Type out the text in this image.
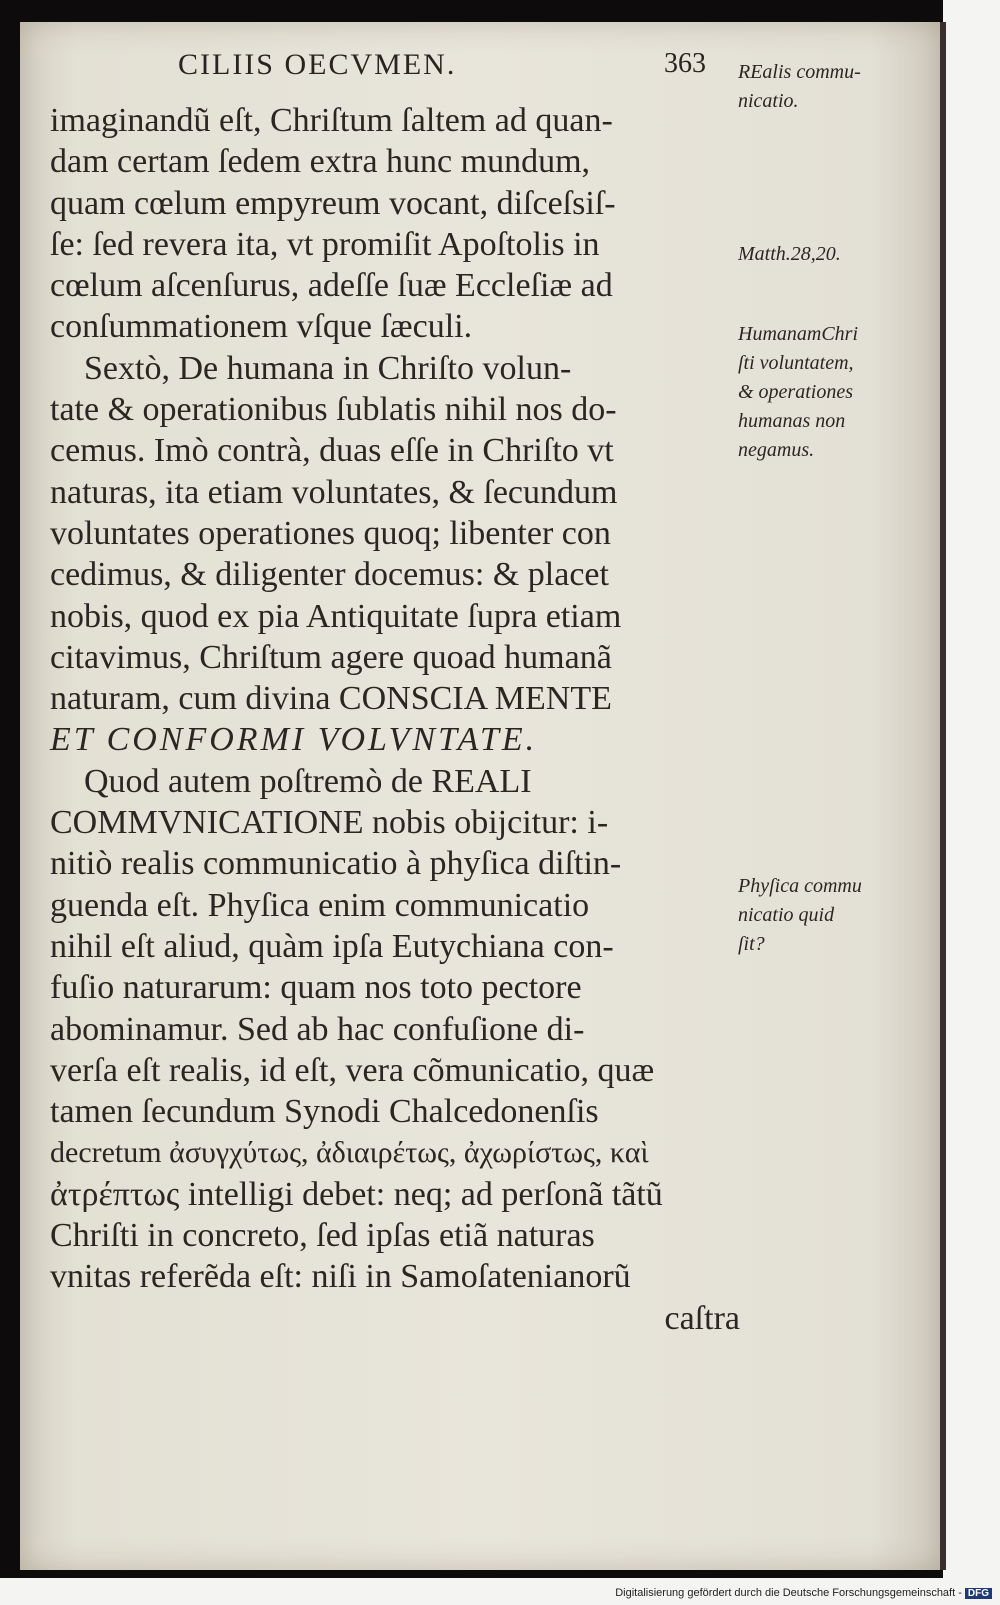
CILIIS OECVMEN.	363
imaginandũ eſt, Chriſtum ſaltem ad quan-
dam certam ſedem extra hunc mundum,
quam cœlum empyreum vocant, diſceſsiſ-
ſe: ſed revera ita, vt promiſit Apoſtolis in
cœlum aſcenſurus, adeſſe ſuæ Eccleſiæ ad
conſummationem vſque ſæculi.
Sextò, De humana in Chriſto volun-
tate & operationibus ſublatis nihil nos do-
cemus. Imò contrà, duas eſſe in Chriſto vt
naturas, ita etiam voluntates, & ſecundum
voluntates operationes quoq; libenter con
cedimus, & diligenter docemus: & placet
nobis, quod ex pia Antiquitate ſupra etiam
citavimus, Chriſtum agere quoad humanã
naturam, cum divina CONSCIA MENTE
ET CONFORMI VOLVNTATE.
Quod autem poſtremò de REALI
COMMVNICATIONE nobis obijcitur: i-
nitiò realis communicatio à phyſica diſtin-
guenda eſt. Phyſica enim communicatio
nihil eſt aliud, quàm ipſa Eutychiana con-
fuſio naturarum: quam nos toto pectore
abominamur. Sed ab hac confuſione di-
verſa eſt realis, id eſt, vera cõmunicatio, quæ
tamen ſecundum Synodi Chalcedonenſis
decretum ἀσυγχύτως, ἀδιαιρέτως, ἀχωρίστως, καὶ
ἀτρέπτως intelligi debet: neq; ad perſonã tãtũ
Chriſti in concreto, ſed ipſas etiã naturas
vnitas referẽda eſt: niſi in Samoſatenianorũ
caſtra
REalis commu-
nicatio.
Matth.28,20.
HumanamChri
ſti voluntatem,
& operationes
humanas non
negamus.
Phyſica commu
nicatio quid
ſit?
Digitalisierung gefördert durch die Deutsche Forschungsgemeinschaft - DFG
